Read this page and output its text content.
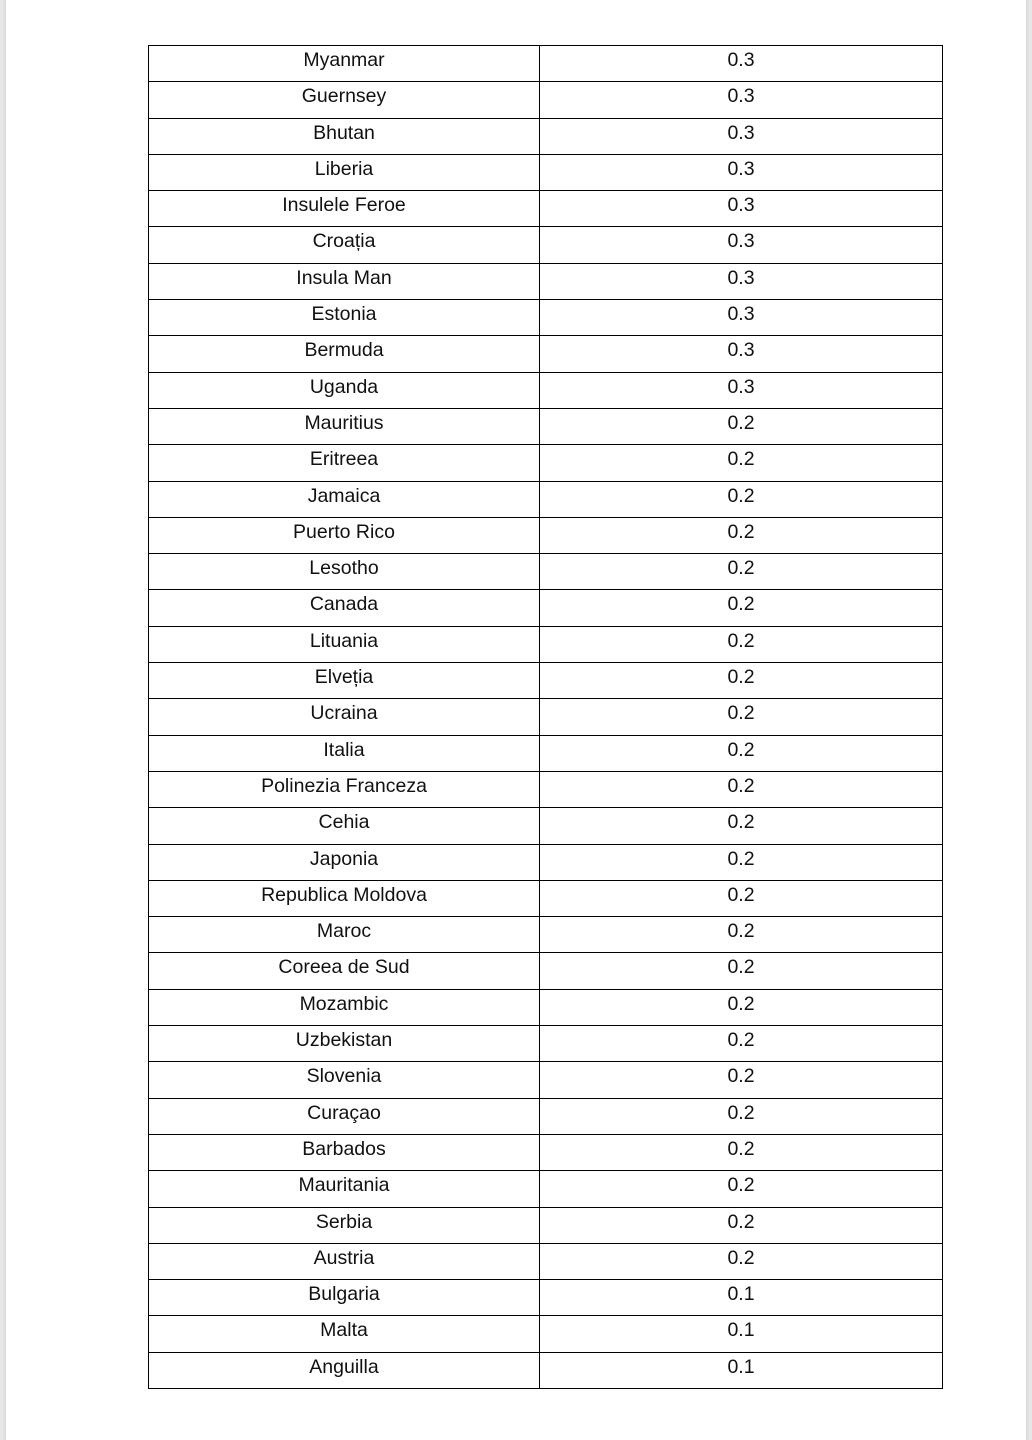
Myanmar	0.3

Guernsey	0.3

Bhutan	0.3

Liberia	0.3

Insulele Feroe	0.3

Croația	0.3

Insula Man	0.3

Estonia	0.3

Bermuda	0.3

Uganda	0.3

Mauritius	0.2

Eritreea	0.2

Jamaica	0.2

Puerto Rico	0.2

Lesotho	0.2

Canada	0.2

Lituania	0.2

Elveția	0.2

Ucraina	0.2

Italia	0.2

Polinezia Franceza	0.2

Cehia	0.2

Japonia	0.2

Republica Moldova	0.2

Maroc	0.2

Coreea de Sud	0.2

Mozambic	0.2

Uzbekistan	0.2

Slovenia	0.2

Curaçao	0.2

Barbados	0.2

Mauritania	0.2

Serbia	0.2

Austria	0.2

Bulgaria	0.1

Malta	0.1

Anguilla	0.1
